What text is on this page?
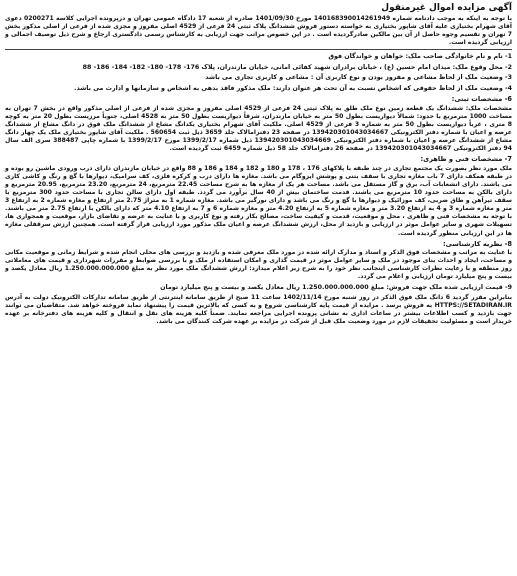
آگهی مزایده اموال غیرمنقول
با توجه به اینکه به موجب دادنامه شماره 140168390014261949 مورخ 1401/09/30 صادره از شعبه 17 دادگاه عمومی تهران و درپرونده اجرایی کلاسه 0200271 دعوی آقای شهرام بختیاری علیه آقای شاپور بختیاری به خواسته دستور فروش ششدانگ پلاک ثبتی 24 فرعی از 4529 اصلی مفروز و مجزی شده از فرعی از اصلی مذکور بخش 7 تهران و تقسیم وجوه حاصل از آن بین مالکین صادرگردیده است . در این خصوص مراتب جهت ارزیابی به کارشناس رسمی دادگستری ارجاع و شرح ذیل توصیف اجمالی و ارزیابی گردیده است.
1- نام و نام خانوادگی صاحب ملک: خواهان و خواندگان فوق
2- محل وقوع ملک: میدان امام حسین (ع) ، خیابان برادران شهید کفائی امانی، خیابان مازندران، پلاک 176- 178- 180- 182- 184- 186- 88
3- وضعیت ملک از لحاظ مشاعی و مفروز بودن و نوع کاربری آن : مشاعی و کاربری تجاری می باشد
4- وضعیت ملک از لحاظ حقوقی که اشخاص نسبت به آن تحت هر عنوان دارند: ملک مذکور فاقد بدهی به اشخاص و سازمانها و ادارت می باشد.
6- مشخصات ثبتی:
مشخصات ملک: ششدانگ یک قطعه زمین نوع ملک طلق به پلاک ثبتی 24 فرعی از 4529 اصلی مفروز و مجزی شده از فرعی از اصلی مذکور واقع در بخش 7 تهران به مساحت 1000 مترمربع با حدود: شمالاً دیواریست بطول 50 متر به خیابان مازندران، شرقاً دیواریست بطول 50 متر به 4528 اصلی، جنوباً مرزیست بطول 20 متر به کوچه 8 متری ، غرباً دیواریست بطول 50 متر به شماره 3 فرعی از 4529 اصلی. ملکیت آقای شهرام بختیاری یکدانگ مشاع از ششدانگ ملک فوق در دانگ مشاع از ششدانگ عرصه و اعیان با شماره دفتر الکترونیکی 139420301043034667 در صفحه 23 دفترامالاک جلد 3659 ذیل ثبت 560654 . ملکیت آقای شاپور بختیاری ملک یک چهار دانگ مشاع از ششدانگ عرصه و اعیان با شماره دفتر الکترونیکی 139420301043034669 ذیل شماره 1399/2/17 مورخ 1399/2/17 با شماره چاپی 388487 سری الف سال 94 دفتر الکترونیکی 139420301043034667 در صفحه 26 دفترامالاک جلد 58 ذیل شماره 6459 ثبت گردیده است.
7- مشخصات فنی و ظاهری:
ملک مورد نظر بصورت یک مجتمع تجاری در چند طبقه با پلاکهای 176 ، 178 و 180 و 182 و 184 و 186 و 88 واقع در خیابان مازندران دارای درب ورودی ماشین رو بوده و در طبقه همکف دارای 7 باب مغازه تجاری با سقف بتنی و پوشش ایزوگام می باشد. مغازه ها دارای درب و کرکره فلزی، کف سرامیک، دیوارها با گچ و رنگ و کاشی کاری می باشند. دارای انشعابات آب، برق و گاز مستقل می باشد. مساحت هر یک از مغازه ها به شرح مساحت 22.45 مترمربع، 24 مترمربع، 23.20 مترمربع، 20.95 مترمربع و دارای بالکن به مساحت حدود 10 مترمربع می باشند. قدمت ساختمان بیش از 40 سال برآورد می گردد. طبقه اول دارای سالن تجاری با مساحت حدود 300 مترمربع با سقف تیرآهن و طاق ضربی، کف موزائیک و دیوارها با گچ و رنگ می باشد و دارای نورگیر می باشد. مغازه شماره 1 به متراژ 2.75 متر ارتفاع و مغازه شماره 2 به ارتفاع 3 متر و مغازه شماره 3 و 4 به ارتفاع 3.20 متر و مغازه شماره 5 به ارتفاع 4.20 متر و مغازه شماره 6 و 7 به ارتفاع 4.10 متر که دارای بالکن با ارتفاع 2.75 متر می باشند. با توجه به مشخصات فنی و ظاهری ، محل و موقعیت، قدمت و کیفیت ساخت، مصالح بکار رفته و نوع کاربری و با عنایت به عرضه و تقاضای بازار، موقعیت و همجواری ها، تسهیلات شهری و سایر عوامل موثر در ارزیابی و بازدید از محل، ارزش ششدانگ عرصه و اعیان ملک مذکور مورد ارزیابی قرار گرفته است. همچنین ارزش سرقفلی مغازه ها در این ارزیابی منظور گردیده است.
8- نظریه کارشناسی:
با عنایت به مراتب و مشخصات فوق الذکر و اسناد و مدارک ارائه شده در مورد ملک معرفی شده و بازدید و بررسی های محلی انجام شده و شرایط زمانی و موقعیت مکانی و مساحت، ایجاد و احداث بنای موجود در ملک و سایر عوامل موثر در قیمت گذاری و امکان استفاده از ملک و با بررسی ضوابط و مقررات شهرداری و قیمت های معاملاتی روز منطقه و با رعایت نظرات کارشناسی اینجانب نظر خود را به شرح زیر اعلام میدارد: ارزش ششدانگ ملک مورد نظر به مبلغ 1.250.000.000.000 ریال معادل یکصد و بیست و پنج میلیارد تومان ارزیابی و اعلام می گردد.
9- قیمت ارزیابی شده ملک جهت فروش: مبلغ 1.250.000.000.000 ریال معادل یکصد و بیست و پنج میلیارد تومان
بنابراین مقرر گردید 6 دانگ ملک فوق الذکر در روز شنبه مورخ 1402/11/14 ساعت 11 صبح از طریق سامانه اینترنتی از طریق سامانه تدارکات الکترونیک دولت به آدرس HTTPS://SETADIRAN.IR به فروش برسد . مزایده از قیمت پایه کارشناسی شروع و به کسی که بالاترین قیمت را پیشنهاد نماید فروخته خواهد شد. متقاضیان می توانند جهت بازدید و کسب اطلاعات بیشتر در ساعات اداری به نشانی پرونده اجرایی مراجعه نمایند. ضمناً کلیه هزینه های نقل و انتقال و کلیه هزینه های دفترخانه بر عهده خریدار است و مسئولیت تحقیقات لازم در مورد وضعیت ملک قبل از شرکت در مزایده بر عهده شرکت کنندگان می باشد.
